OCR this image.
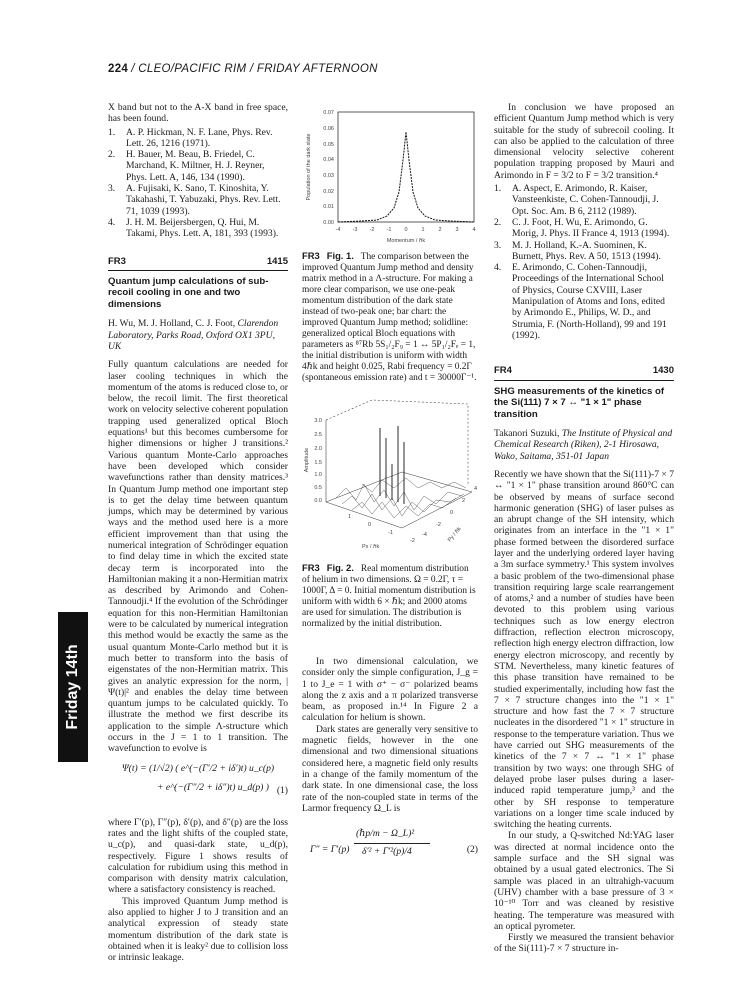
224 / CLEO/PACIFIC RIM / FRIDAY AFTERNOON
Friday 14th

X band but not to the A-X band in free space, has been found.

1. A. P. Hickman, N. F. Lane, Phys. Rev. Lett. 26, 1216 (1971).
2. H. Bauer, M. Beau, B. Friedel, C. Marchand, K. Miltner, H. J. Reyner, Phys. Lett. A, 146, 134 (1990).
3. A. Fujisaki, K. Sano, T. Kinoshita, Y. Takahashi, T. Yabuzaki, Phys. Rev. Lett. 71, 1039 (1993).
4. J. H. M. Beijersbergen, Q. Hui, M. Takami, Phys. Lett. A, 181, 393 (1993).
FR3	1415
Quantum jump calculations of sub-recoil cooling in one and two dimensions

H. Wu, M. J. Holland, C. J. Foot, Clarendon Laboratory, Parks Road, Oxford OX1 3PU, UK

Fully quantum calculations are needed for laser cooling techniques in which the momentum of the atoms is reduced close to, or below, the recoil limit. The first theoretical work on velocity selective coherent population trapping used generalized optical Bloch equations¹ but this becomes cumbersome for higher dimensions or higher J transitions.² Various quantum Monte-Carlo approaches have been developed which consider wavefunctions rather than density matrices.³ In Quantum Jump method one important step is to get the delay time between quantum jumps, which may be determined by various ways and the method used here is a more efficient improvement than that using the numerical integration of Schrödinger equation to find delay time in which the excited state decay term is incorporated into the Hamiltonian making it a non-Hermitian matrix as described by Arimondo and Cohen-Tannoudji.⁴ If the evolution of the Schrödinger equation for this non-Hermitian Hamiltonian were to be calculated by numerical integration this method would be exactly the same as the usual quantum Monte-Carlo method but it is much better to transform into the basis of eigenstates of the non-Hermitian matrix. This gives an analytic expression for the norm, |Ψ(t)|² and enables the delay time between quantum jumps to be calculated quickly. To illustrate the method we first describe its application to the simple Λ-structure which occurs in the J = 1 to 1 transition. The wavefunction to evolve is

Ψ(t) = (1/√2) ( e^(−(Γ′/2 + iδ′)t) u_c(p)
+ e^(−(Γ″/2 + iδ″)t) u_d(p) ) (1)

where Γ′(p), Γ″(p), δ′(p), and δ″(p) are the loss rates and the light shifts of the coupled state, u_c(p), and quasi-dark state, u_d(p), respectively. Figure 1 shows results of calculation for rubidium using this method in comparison with density matrix calculation, where a satisfactory consistency is reached.

This improved Quantum Jump method is also applied to higher J to J transition and an analytical expression of steady state momentum distribution of the dark state is obtained when it is leaky² due to collision loss or intrinsic leakage.

0.00
0.01
0.02
0.03
0.04
0.05
0.06
0.07
-4 -3 -2 -1 0	1	2	3	4
Momentum / ℏk
Population of the dark state

FR3 Fig. 1. The comparison between the improved Quantum Jump method and density matrix method in a Λ-structure. For making a more clear comparison, we use one-peak momentum distribution of the dark state instead of two-peak one; bar chart: the improved Quantum Jump method; solidline: generalized optical Bloch equations with parameters as ⁸⁷Rb 5S₁/₂F₉ = 1 ↔ 5P₁/₂Fₑ = 1, the initial distribution is uniform with width 4ℏk and height 0.025, Rabi frequency = 0.2Γ (spontaneous emission rate) and t = 30000Γ⁻¹.

3.0
2.5
2.0
1.5
1.0
0.5
0.0
Amplitude
1
0
-1
-2
Px / ℏk
4
2
0
-2
-4	Py / ℏk

FR3 Fig. 2. Real momentum distribution of helium in two dimensions. Ω = 0.2Γ, τ = 1000Γ, Δ = 0. Initial momentum distribution is uniform with width 6 × ℏk; and 2000 atoms are used for simulation. The distribution is normalized by the initial distribution.

In two dimensional calculation, we consider only the simple configuration, J_g = 1 to J_e = 1 with σ⁺ − σ⁻ polarized beams along the z axis and a π polarized transverse beam, as proposed in.¹⁴ In Figure 2 a calculation for helium is shown.

Dark states are generally very sensitive to magnetic fields, however in the one dimensional and two dimensional situations considered here, a magnetic field only results in a change of the family momentum of the dark state. In one dimensional case, the loss rate of the non-coupled state in terms of the Larmor frequency Ω_L is

(ℏp/m − Ω_L)²
Γ″ = Γ′(p) δ′² + Γ′²(p)/4	(2)

In conclusion we have proposed an efficient Quantum Jump method which is very suitable for the study of subrecoil cooling. It can also be applied to the calculation of three dimensional velocity selective coherent population trapping proposed by Mauri and Arimondo in F = 3/2 to F = 3/2 transition.⁴

1. A. Aspect, E. Arimondo, R. Kaiser, Vansteenkiste, C. Cohen-Tannoudji, J. Opt. Soc. Am. B 6, 2112 (1989).
2. C. J. Foot, H. Wu, E. Arimondo, G. Morig, J. Phys. II France 4, 1913 (1994).
3. M. J. Holland, K.-A. Suominen, K. Burnett, Phys. Rev. A 50, 1513 (1994).
4. E. Arimondo, C. Cohen-Tannoudji, Proceedings of the International School of Physics, Course CXVIII, Laser Manipulation of Atoms and Ions, edited by Arimondo E., Philips, W. D., and Strumia, F. (North-Holland), 99 and 191 (1992).
FR4	1430
SHG measurements of the kinetics of the Si(111) 7 × 7 ↔ "1 × 1" phase transition

Takanori Suzuki, The Institute of Physical and Chemical Research (Riken), 2-1 Hirosawa, Wako, Saitama, 351-01 Japan

Recently we have shown that the Si(111)-7 × 7 ↔ "1 × 1" phase transition around 860°C can be observed by means of surface second harmonic generation (SHG) of laser pulses as an abrupt change of the SH intensity, which originates from an interface in the "1 × 1" phase formed between the disordered surface layer and the underlying ordered layer having a 3m surface symmetry.¹ This system involves a basic problem of the two-dimensional phase transition requiring large scale rearrangement of atoms,² and a number of studies have been devoted to this problem using various techniques such as low energy electron diffraction, reflection electron microscopy, reflection high energy electron diffraction, low energy electron microscopy, and recently by STM. Nevertheless, many kinetic features of this phase transition have remained to be studied experimentally, including how fast the 7 × 7 structure changes into the "1 × 1" structure and how fast the 7 × 7 structure nucleates in the disordered "1 × 1" structure in response to the temperature variation. Thus we have carried out SHG measurements of the kinetics of the 7 × 7 ↔ "1 × 1" phase transition by two ways: one through SHG of delayed probe laser pulses during a laser-induced rapid temperature jump,³ and the other by SH response to temperature variations on a longer time scale induced by switching the heating currents.

In our study, a Q-switched Nd:YAG laser was directed at normal incidence onto the sample surface and the SH signal was obtained by a usual gated electronics. The Si sample was placed in an ultrahigh-vacuum (UHV) chamber with a base pressure of 3 × 10⁻¹⁰ Torr and was cleaned by resistive heating. The temperature was measured with an optical pyrometer.

Firstly we measured the transient behavior of the Si(111)-7 × 7 structure in-
